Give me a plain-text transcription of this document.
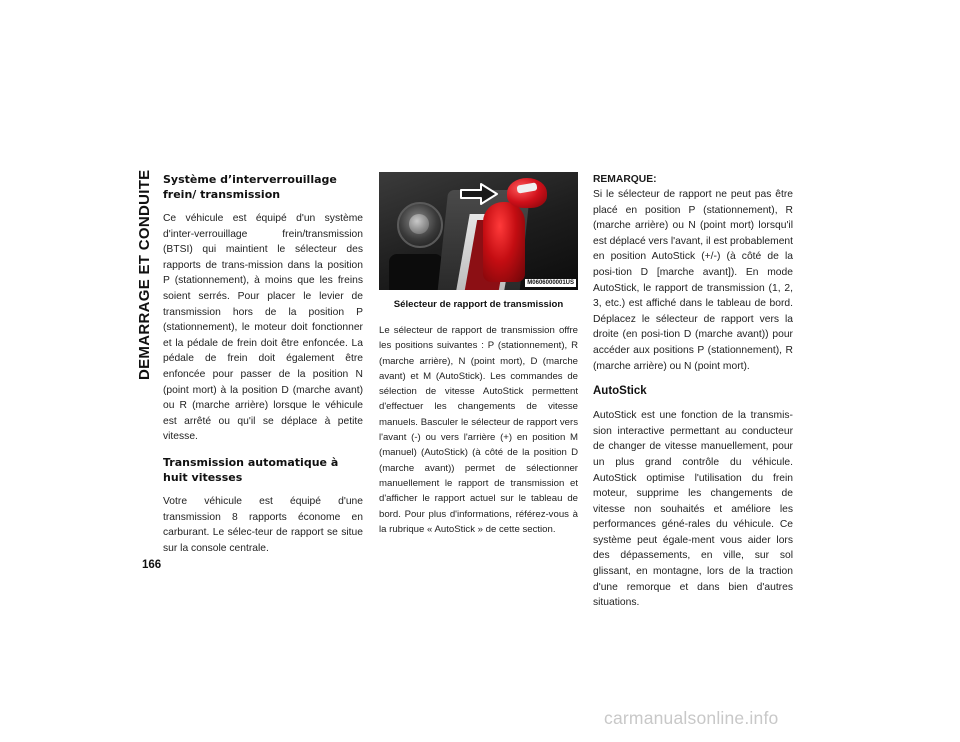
DEMARRAGE ET CONDUITE
166
Système d’interverrouillage frein/ transmission

Ce véhicule est équipé d'un système d'inter-verrouillage frein/transmission (BTSI) qui maintient le sélecteur des rapports de trans-mission dans la position P (stationnement), à moins que les freins soient serrés. Pour placer le levier de transmission hors de la position P (stationnement), le moteur doit fonctionner et la pédale de frein doit être enfoncée. La pédale de frein doit également être enfoncée pour passer de la position N (point mort) à la position D (marche avant) ou R (marche arrière) lorsque le véhicule est arrêté ou qu'il se déplace à petite vitesse.

Transmission automatique à huit vitesses

Votre véhicule est équipé d'une transmission 8 rapports économe en carburant. Le sélec-teur de rapport se situe sur la console centrale.

M0606000001US
Sélecteur de rapport de transmission

Le sélecteur de rapport de transmission offre les positions suivantes : P (stationnement), R (marche arrière), N (point mort), D (marche avant) et M (AutoStick). Les commandes de sélection de vitesse AutoStick permettent d'effectuer les changements de vitesse manuels. Basculer le sélecteur de rapport vers l'avant (-) ou vers l'arrière (+) en position M (manuel) (AutoStick) (à côté de la position D (marche avant)) permet de sélectionner manuellement le rapport de transmission et d'afficher le rapport actuel sur le tableau de bord. Pour plus d'informations, référez-vous à la rubrique « AutoStick » de cette section.

REMARQUE:

Si le sélecteur de rapport ne peut pas être placé en position P (stationnement), R (marche arrière) ou N (point mort) lorsqu'il est déplacé vers l'avant, il est probablement en position AutoStick (+/-) (à côté de la posi-tion D [marche avant]). En mode AutoStick, le rapport de transmission (1, 2, 3, etc.) est affiché dans le tableau de bord. Déplacez le sélecteur de rapport vers la droite (en posi-tion D (marche avant)) pour accéder aux positions P (stationnement), R (marche arrière) ou N (point mort).

AutoStick

AutoStick est une fonction de la transmis-sion interactive permettant au conducteur de changer de vitesse manuellement, pour un plus grand contrôle du véhicule. AutoStick optimise l'utilisation du frein moteur, supprime les changements de vitesse non souhaités et améliore les performances géné-rales du véhicule. Ce système peut égale-ment vous aider lors des dépassements, en ville, sur sol glissant, en montagne, lors de la traction d'une remorque et dans bien d'autres situations.

carmanualsonline.info
